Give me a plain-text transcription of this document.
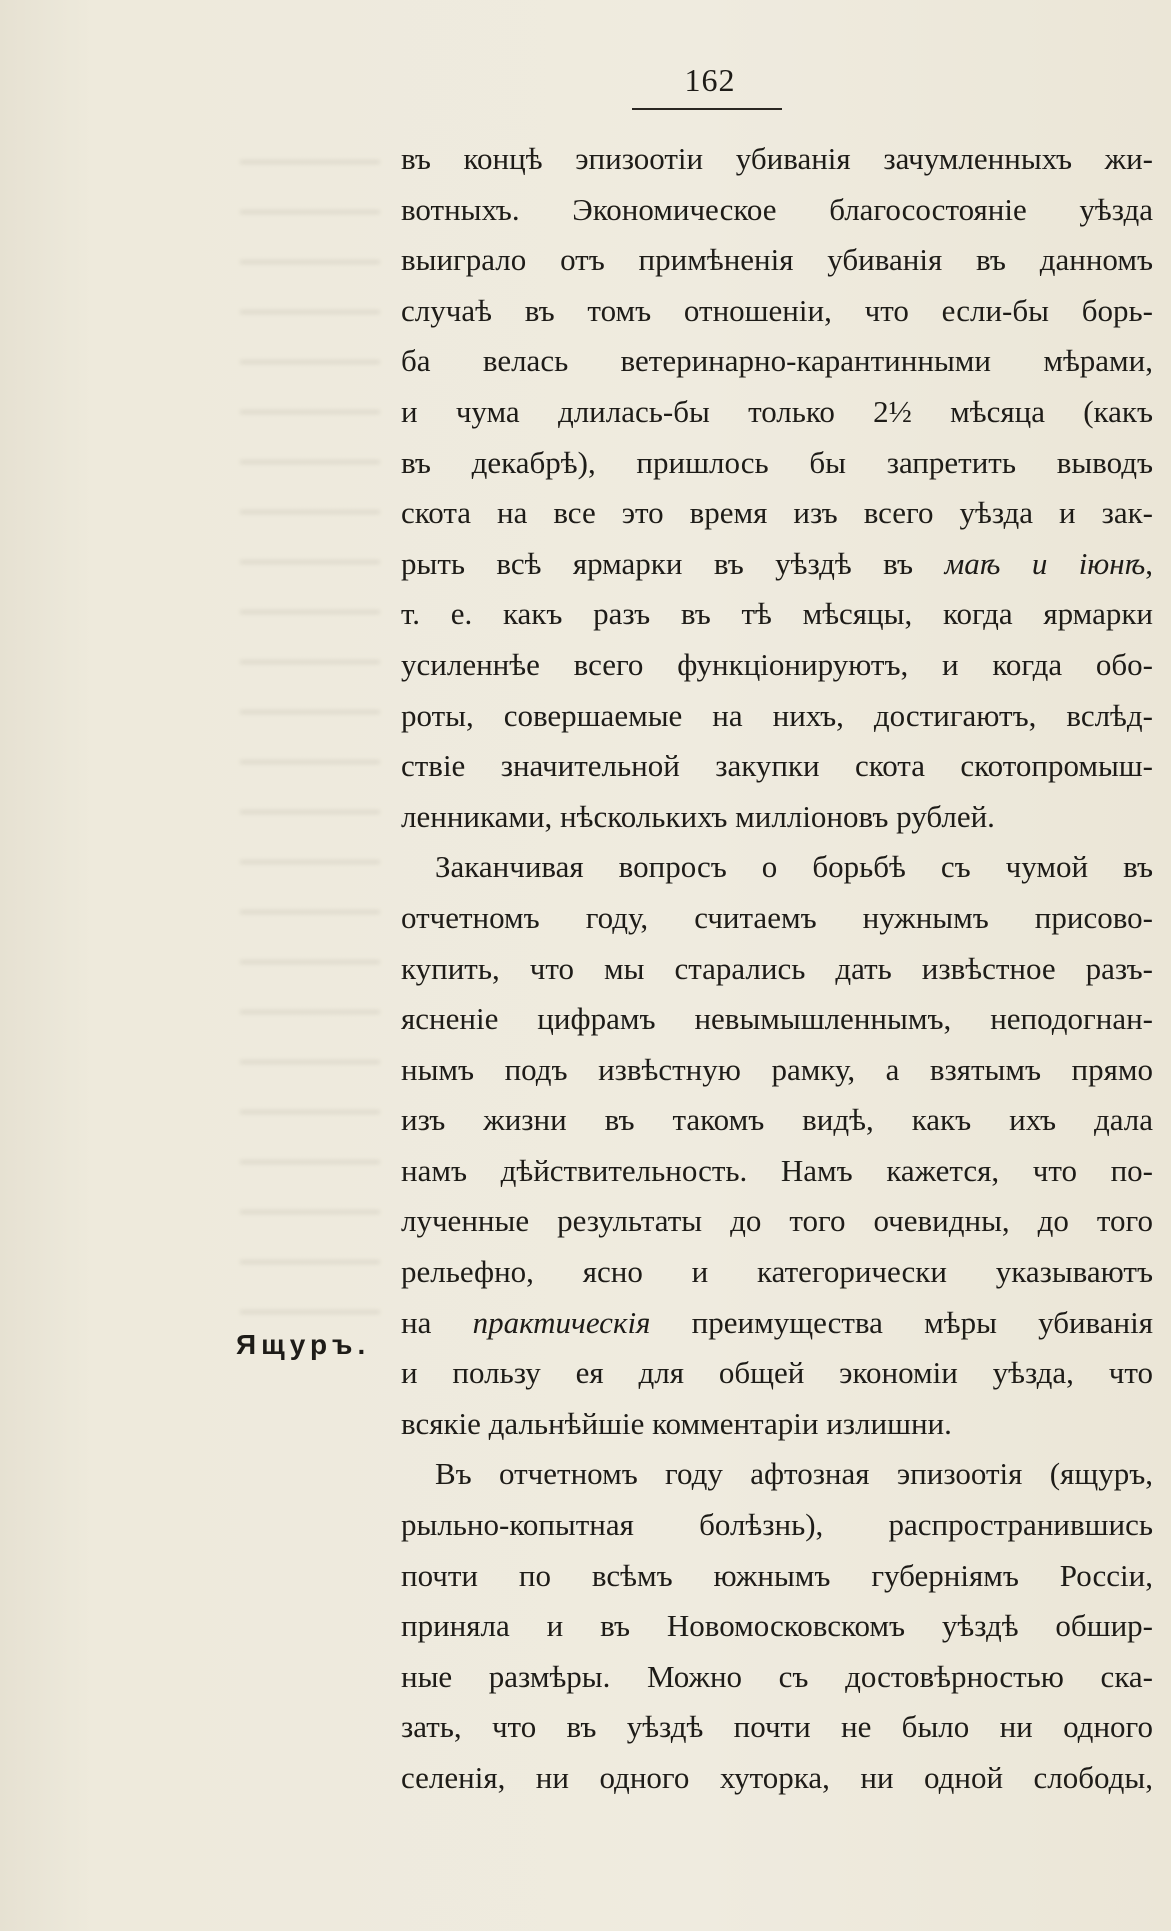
162
въ концѣ эпизоотіи убиванія зачумленныхъ жи-
вотныхъ. Экономическое благосостояніе уѣзда
выиграло отъ примѣненія убиванія въ данномъ
случаѣ въ томъ отношеніи, что если-бы борь-
ба велась ветеринарно-карантинными мѣрами,
и чума длилась-бы только 2½ мѣсяца (какъ
въ декабрѣ), пришлось бы запретить выводъ
скота на все это время изъ всего уѣзда и зак-
рыть всѣ ярмарки въ уѣздѣ въ маѣ и іюнѣ,
т. е. какъ разъ въ тѣ мѣсяцы, когда ярмарки
усиленнѣе всего функціонируютъ, и когда обо-
роты, совершаемые на нихъ, достигаютъ, вслѣд-
ствіе значительной закупки скота скотопромыш-
ленниками, нѣсколькихъ милліоновъ рублей.
Заканчивая вопросъ о борьбѣ съ чумой въ
отчетномъ году, считаемъ нужнымъ присово-
купить, что мы старались дать извѣстное разъ-
ясненіе цифрамъ невымышленнымъ, неподогнан-
нымъ подъ извѣстную рамку, а взятымъ прямо
изъ жизни въ такомъ видѣ, какъ ихъ дала
намъ дѣйствительность. Намъ кажется, что по-
лученные результаты до того очевидны, до того
рельефно, ясно и категорически указываютъ
на практическія преимущества мѣры убиванія
и пользу ея для общей экономіи уѣзда, что
всякіе дальнѣйшіе комментаріи излишни.
Въ отчетномъ году афтозная эпизоотія (ящуръ,
рыльно-копытная болѣзнь), распространившись
почти по всѣмъ южнымъ губерніямъ Россіи,
приняла и въ Новомосковскомъ уѣздѣ обшир-
ные размѣры. Можно съ достовѣрностью ска-
зать, что въ уѣздѣ почти не было ни одного
селенія, ни одного хуторка, ни одной слободы,
Ящуръ.
